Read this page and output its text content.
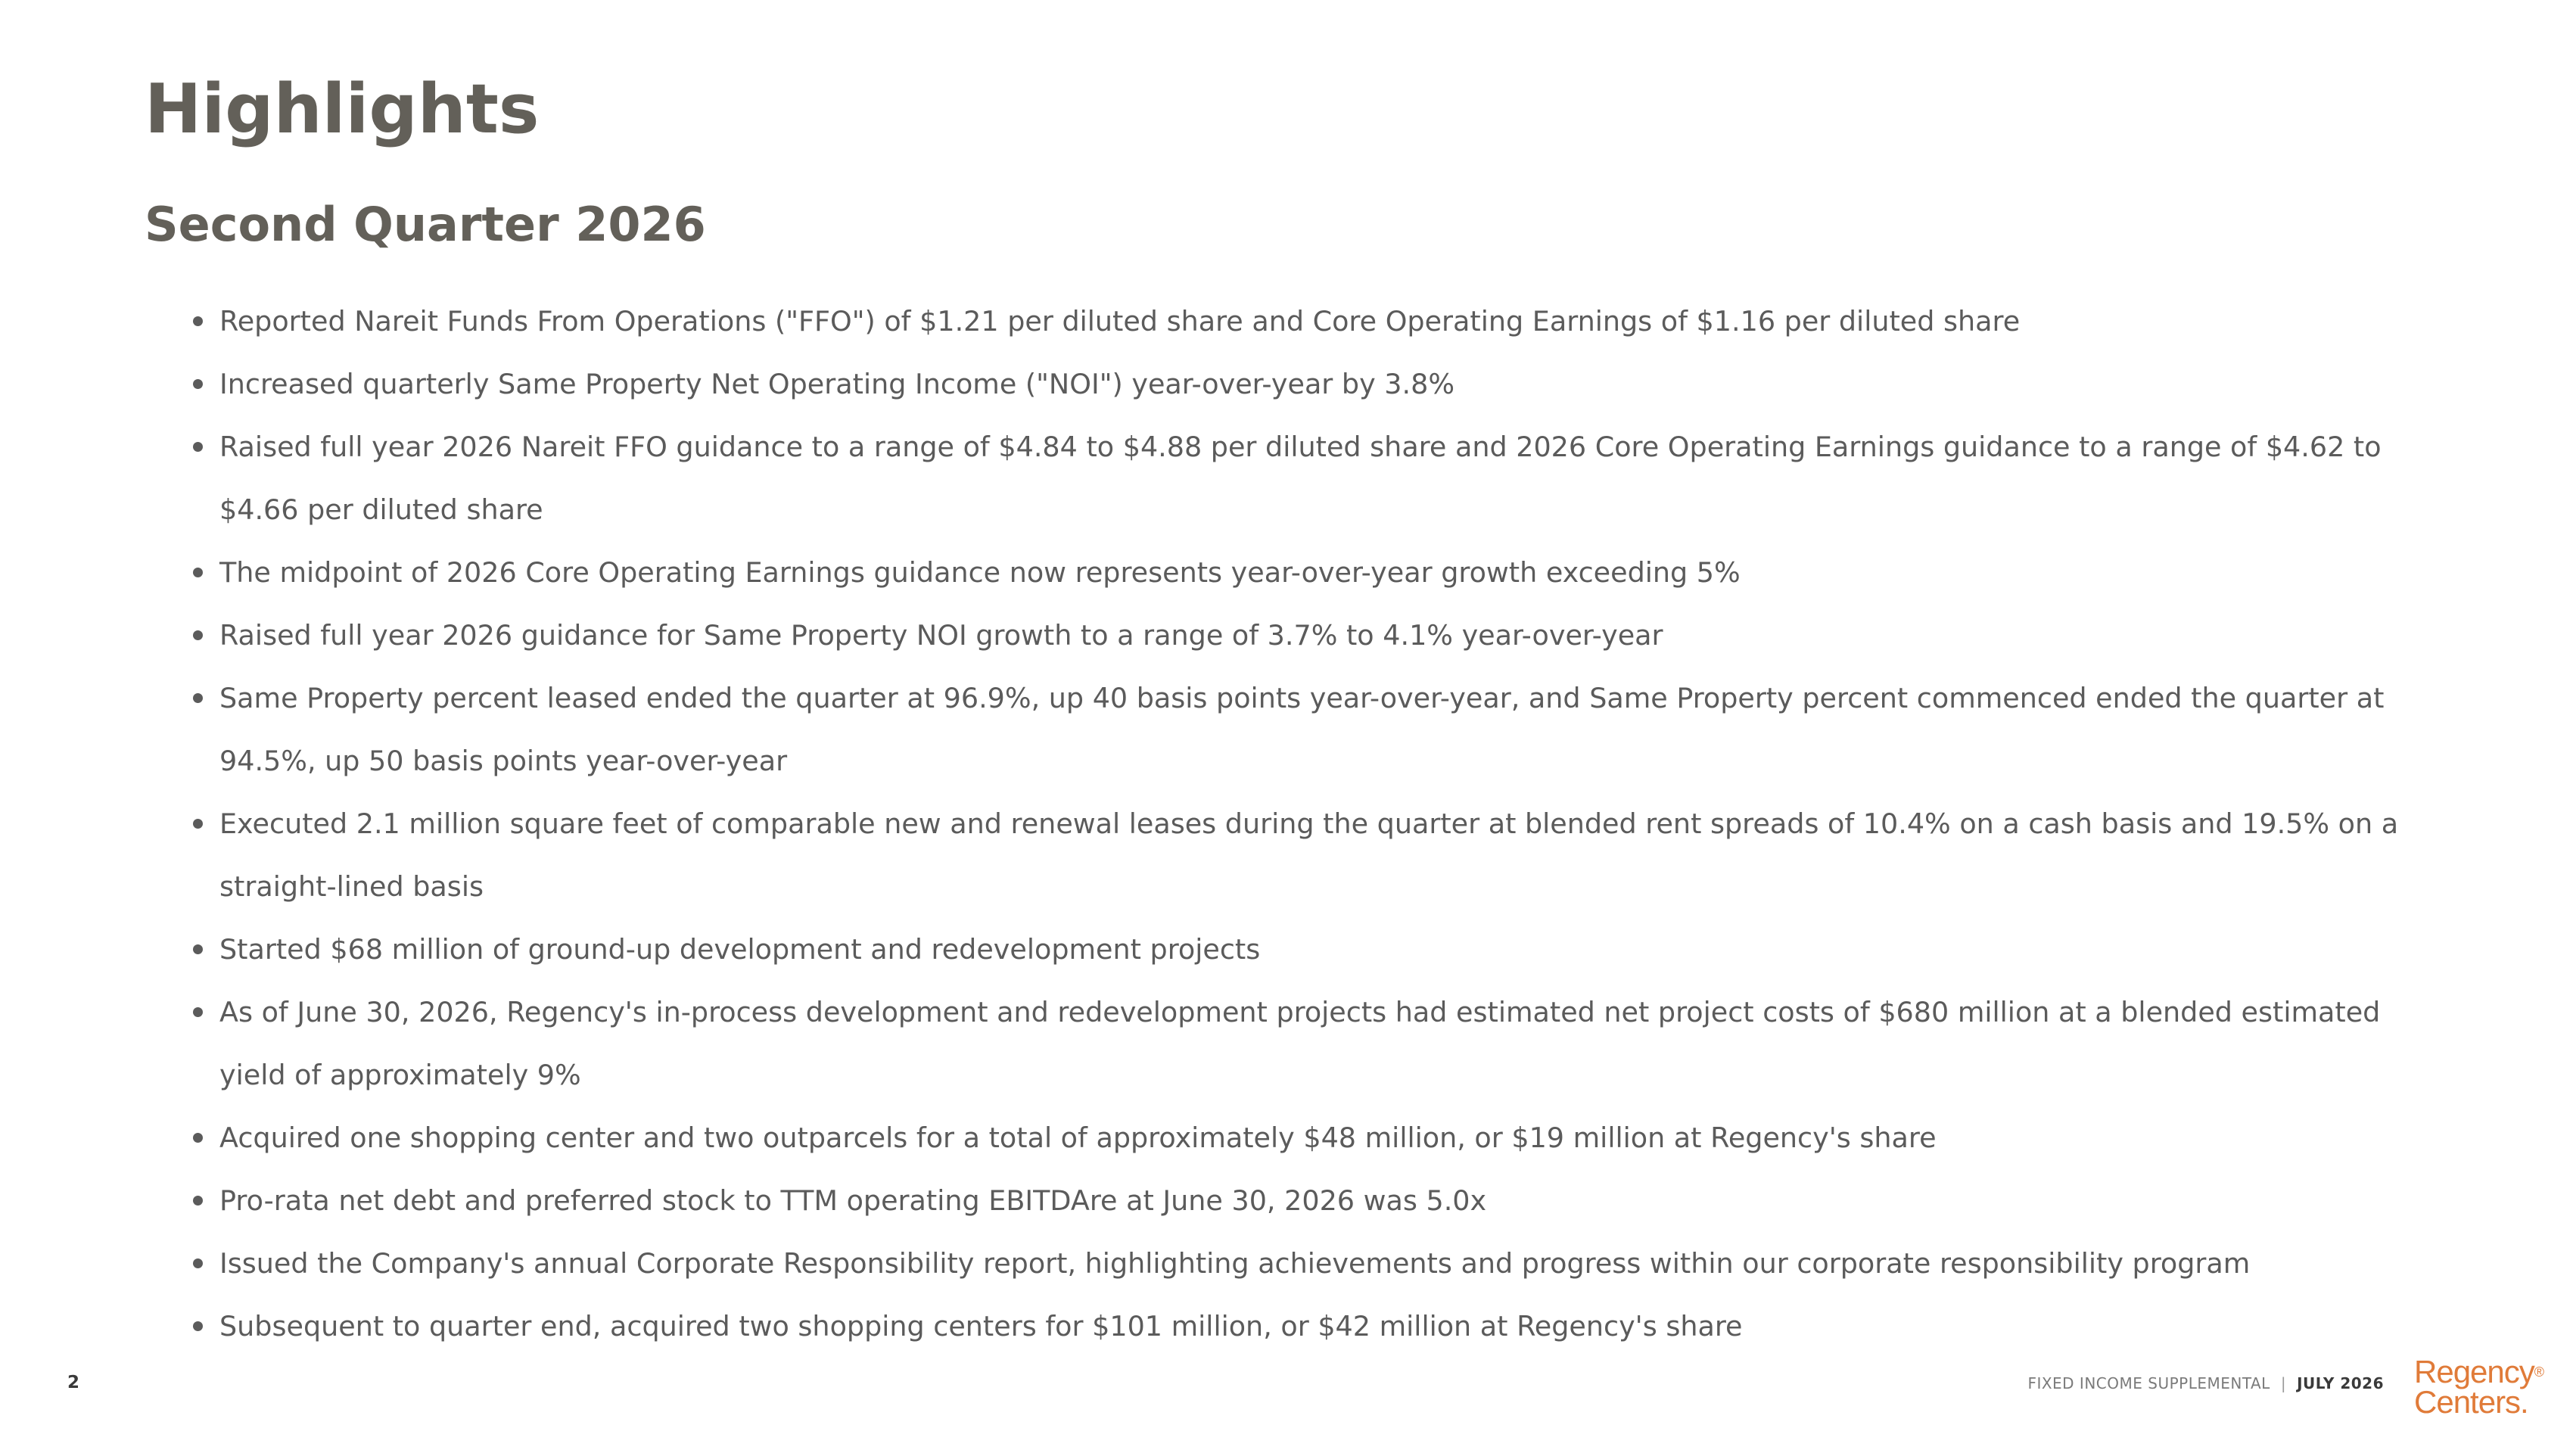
Highlights
Second Quarter 2026
Reported Nareit Funds From Operations ("FFO") of $1.21 per diluted share and Core Operating Earnings of $1.16 per diluted share
Increased quarterly Same Property Net Operating Income ("NOI") year-over-year by 3.8%
Raised full year 2026 Nareit FFO guidance to a range of $4.84 to $4.88 per diluted share and 2026 Core Operating Earnings guidance to a range of $4.62 to $4.66 per diluted share
The midpoint of 2026 Core Operating Earnings guidance now represents year-over-year growth exceeding 5%
Raised full year 2026 guidance for Same Property NOI growth to a range of 3.7% to 4.1% year-over-year
Same Property percent leased ended the quarter at 96.9%, up 40 basis points year-over-year, and Same Property percent commenced ended the quarter at 94.5%, up 50 basis points year-over-year
Executed 2.1 million square feet of comparable new and renewal leases during the quarter at blended rent spreads of 10.4% on a cash basis and 19.5% on a straight-lined basis
Started $68 million of ground-up development and redevelopment projects
As of June 30, 2026, Regency's in-process development and redevelopment projects had estimated net project costs of $680 million at a blended estimated yield of approximately 9%
Acquired one shopping center and two outparcels for a total of approximately $48 million, or $19 million at Regency's share
Pro-rata net debt and preferred stock to TTM operating EBITDAre at June 30, 2026 was 5.0x
Issued the Company's annual Corporate Responsibility report, highlighting achievements and progress within our corporate responsibility program
Subsequent to quarter end, acquired two shopping centers for $101 million, or $42 million at Regency's share
2	FIXED INCOME SUPPLEMENTAL | JULY 2026 Regency®
Centers.
